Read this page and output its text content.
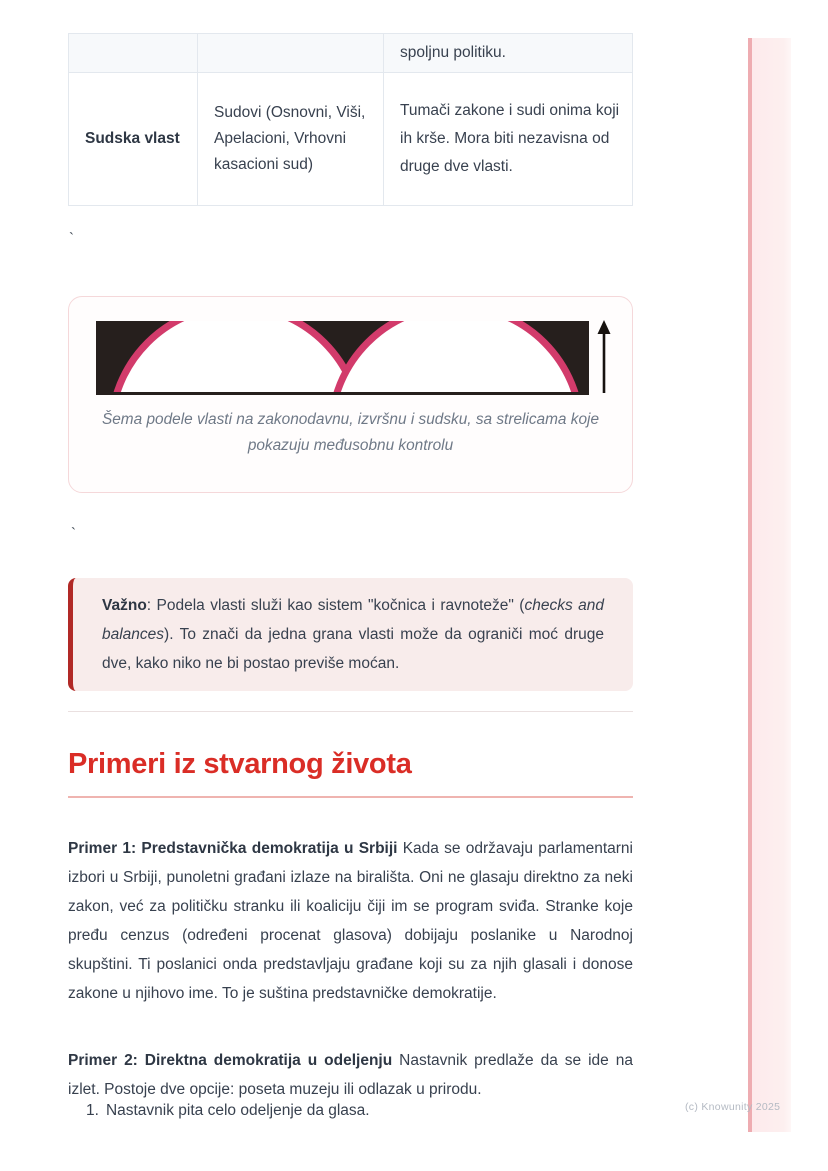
spoljnu politiku.
Sudska vlast
Sudovi (Osnovni, Viši, Apelacioni, Vrhovni kasacioni sud)
Tumači zakone i sudi onima koji ih krše. Mora biti nezavisna od druge dve vlasti.
`
`
Šema podele vlasti na zakonodavnu, izvršnu i sudsku, sa strelicama koje pokazuju međusobnu kontrolu
Važno: Podela vlasti služi kao sistem "kočnica i ravnoteže" (checks and balances). To znači da jedna grana vlasti može da ograniči moć druge dve, kako niko ne bi postao previše moćan.
Primeri iz stvarnog života

Primer 1: Predstavnička demokratija u Srbiji Kada se održavaju parlamentarni izbori u Srbiji, punoletni građani izlaze na birališta. Oni ne glasaju direktno za neki zakon, već za političku stranku ili koaliciju čiji im se program sviđa. Stranke koje pređu cenzus (određeni procenat glasova) dobijaju poslanike u Narodnoj skupštini. Ti poslanici onda predstavljaju građane koji su za njih glasali i donose zakone u njihovo ime. To je suština predstavničke demokratije.

Primer 2: Direktna demokratija u odeljenju Nastavnik predlaže da se ide na izlet. Postoje dve opcije: poseta muzeju ili odlazak u prirodu.

1. Nastavnik pita celo odeljenje da glasa.	(c) Knowunity 2025
